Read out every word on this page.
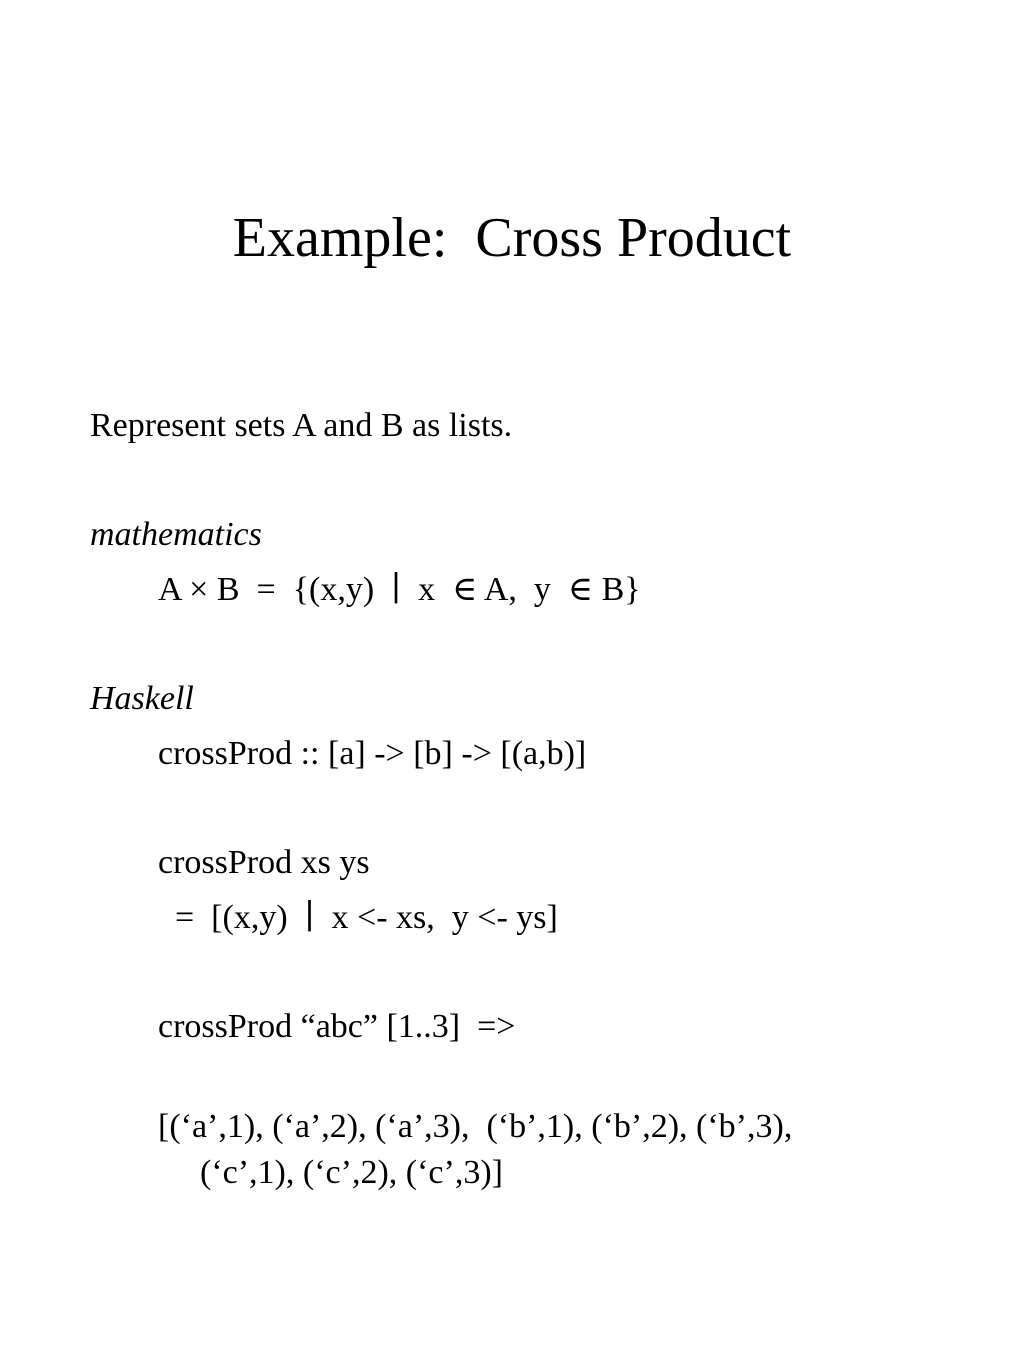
Example:  Cross Product
Represent sets A and B as lists.
mathematics
A × B  =  {(x,y)  ∣  x  ∈ A,  y  ∈ B}
Haskell
crossProd :: [a] -> [b] -> [(a,b)]
crossProd xs ys
=  [(x,y)  ∣  x <- xs,  y <- ys]
crossProd “abc” [1..3]  =>
[(‘a’,1), (‘a’,2), (‘a’,3),  (‘b’,1), (‘b’,2), (‘b’,3),
(‘c’,1), (‘c’,2), (‘c’,3)]
